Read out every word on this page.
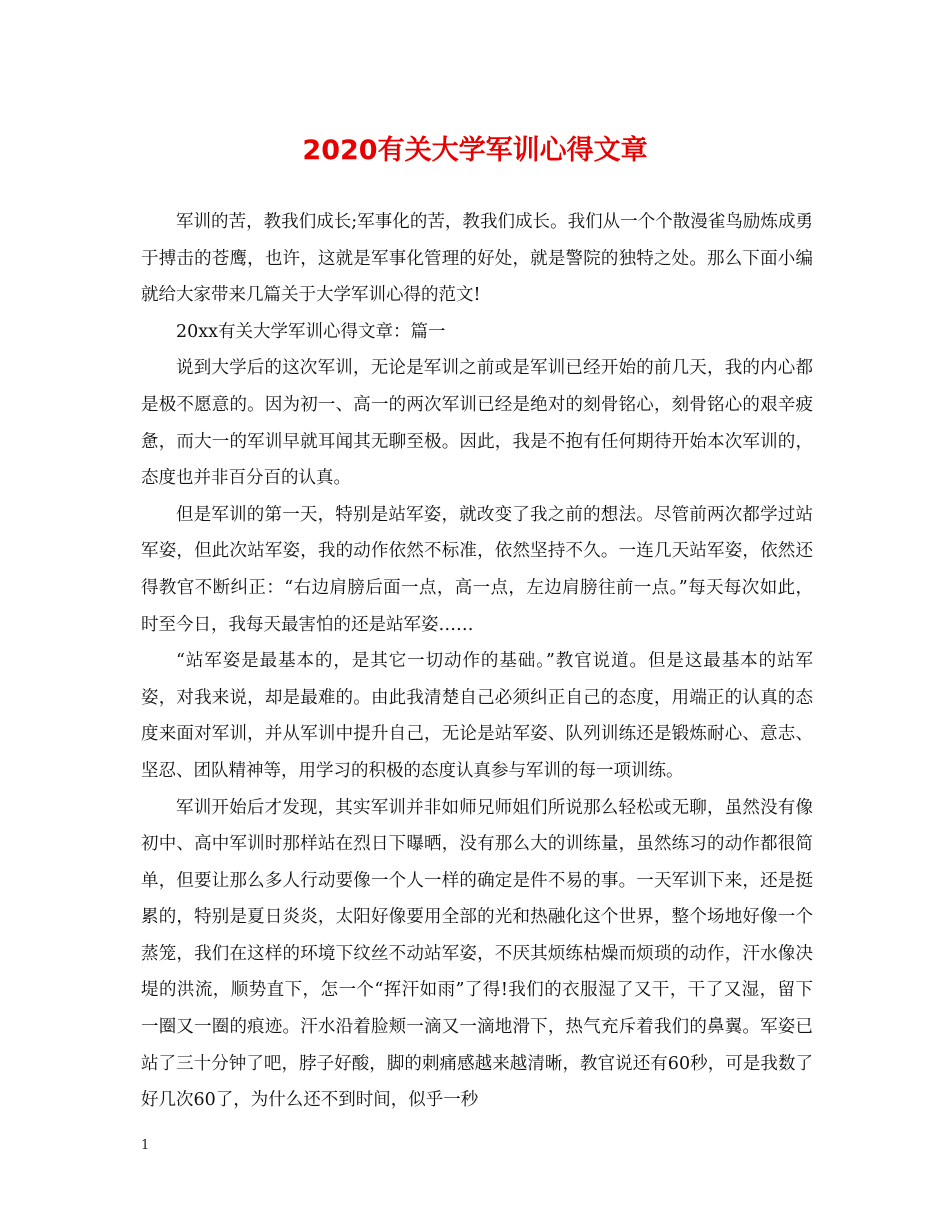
2020有关大学军训心得文章

军训的苦，教我们成长;军事化的苦，教我们成长。我们从一个个散漫雀鸟励炼成勇于搏击的苍鹰，也许，这就是军事化管理的好处，就是警院的独特之处。那么下面小编就给大家带来几篇关于大学军训心得的范文!

20xx有关大学军训心得文章：篇一

说到大学后的这次军训，无论是军训之前或是军训已经开始的前几天，我的内心都是极不愿意的。因为初一、高一的两次军训已经是绝对的刻骨铭心，刻骨铭心的艰辛疲惫，而大一的军训早就耳闻其无聊至极。因此，我是不抱有任何期待开始本次军训的，态度也并非百分百的认真。

但是军训的第一天，特别是站军姿，就改变了我之前的想法。尽管前两次都学过站军姿，但此次站军姿，我的动作依然不标准，依然坚持不久。一连几天站军姿，依然还得教官不断纠正：“右边肩膀后面一点，高一点，左边肩膀往前一点。”每天每次如此，时至今日，我每天最害怕的还是站军姿……

“站军姿是最基本的，是其它一切动作的基础。”教官说道。但是这最基本的站军姿，对我来说，却是最难的。由此我清楚自己必须纠正自己的态度，用端正的认真的态度来面对军训，并从军训中提升自己，无论是站军姿、队列训练还是锻炼耐心、意志、坚忍、团队精神等，用学习的积极的态度认真参与军训的每一项训练。

军训开始后才发现，其实军训并非如师兄师姐们所说那么轻松或无聊，虽然没有像初中、高中军训时那样站在烈日下曝晒，没有那么大的训练量，虽然练习的动作都很简单，但要让那么多人行动要像一个人一样的确定是件不易的事。一天军训下来，还是挺累的，特别是夏日炎炎，太阳好像要用全部的光和热融化这个世界，整个场地好像一个蒸笼，我们在这样的环境下纹丝不动站军姿，不厌其烦练枯燥而烦琐的动作，汗水像决堤的洪流，顺势直下，怎一个“挥汗如雨”了得!我们的衣服湿了又干，干了又湿，留下一圈又一圈的痕迹。汗水沿着脸颊一滴又一滴地滑下，热气充斥着我们的鼻翼。军姿已站了三十分钟了吧，脖子好酸，脚的刺痛感越来越清晰，教官说还有60秒，可是我数了好几次60了，为什么还不到时间，似乎一秒

1
